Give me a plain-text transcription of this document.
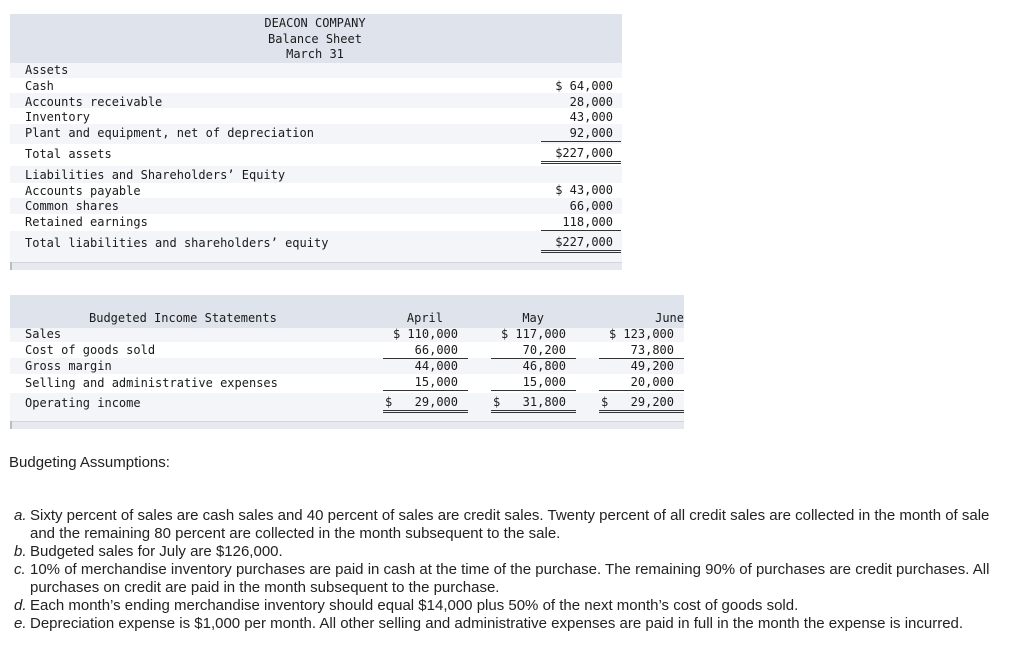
DEACON COMPANY
Balance Sheet
March 31
Assets
Cash	$ 64,000
Accounts receivable	28,000
Inventory	43,000
Plant and equipment, net of depreciation	92,000
Total assets	$227,000
Liabilities and Shareholders’ Equity
Accounts payable	$ 43,000
Common shares	66,000
Retained earnings	118,000
Total liabilities and shareholders’ equity	$227,000
Budgeted Income Statements	April	May	June
Sales	$ 110,000	$ 117,000	$ 123,000
Cost of goods sold	66,000	70,200	73,800
Gross margin	44,000	46,800	49,200
Selling and administrative expenses	15,000	15,000	20,000
Operating income	$	29,000	$	31,800	$	29,200
Budgeting Assumptions:
a. Sixty percent of sales are cash sales and 40 percent of sales are credit sales. Twenty percent of all credit sales are collected in the month of sale and the remaining 80 percent are collected in the month subsequent to the sale.
b. Budgeted sales for July are $126,000.
c. 10% of merchandise inventory purchases are paid in cash at the time of the purchase. The remaining 90% of purchases are credit purchases. All purchases on credit are paid in the month subsequent to the purchase.
d. Each month’s ending merchandise inventory should equal $14,000 plus 50% of the next month’s cost of goods sold.
e. Depreciation expense is $1,000 per month. All other selling and administrative expenses are paid in full in the month the expense is incurred.
